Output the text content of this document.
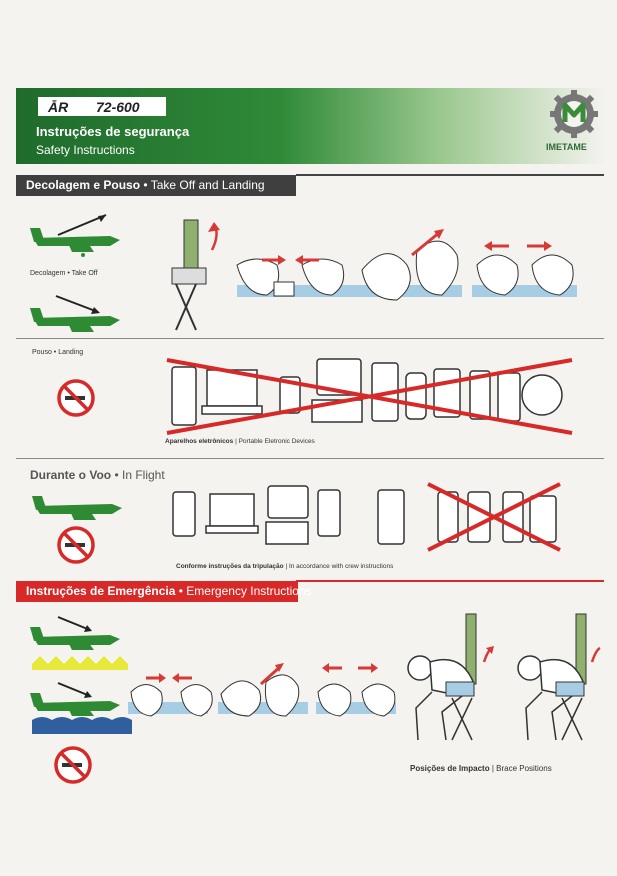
ĀR 72-600
Instruções de segurança
Safety Instructions	IMETAME
Decolagem e Pouso • Take Off and Landing
Decolagem • Take Off
Pouso • Landing
Aparelhos eletrônicos | Portable Eletronic Devices
Durante o Voo • In Flight
Conforme instruções da tripulação | In accordance with crew instructions
Instruções de Emergência • Emergency Instructions
Posições de Impacto | Brace Positions
